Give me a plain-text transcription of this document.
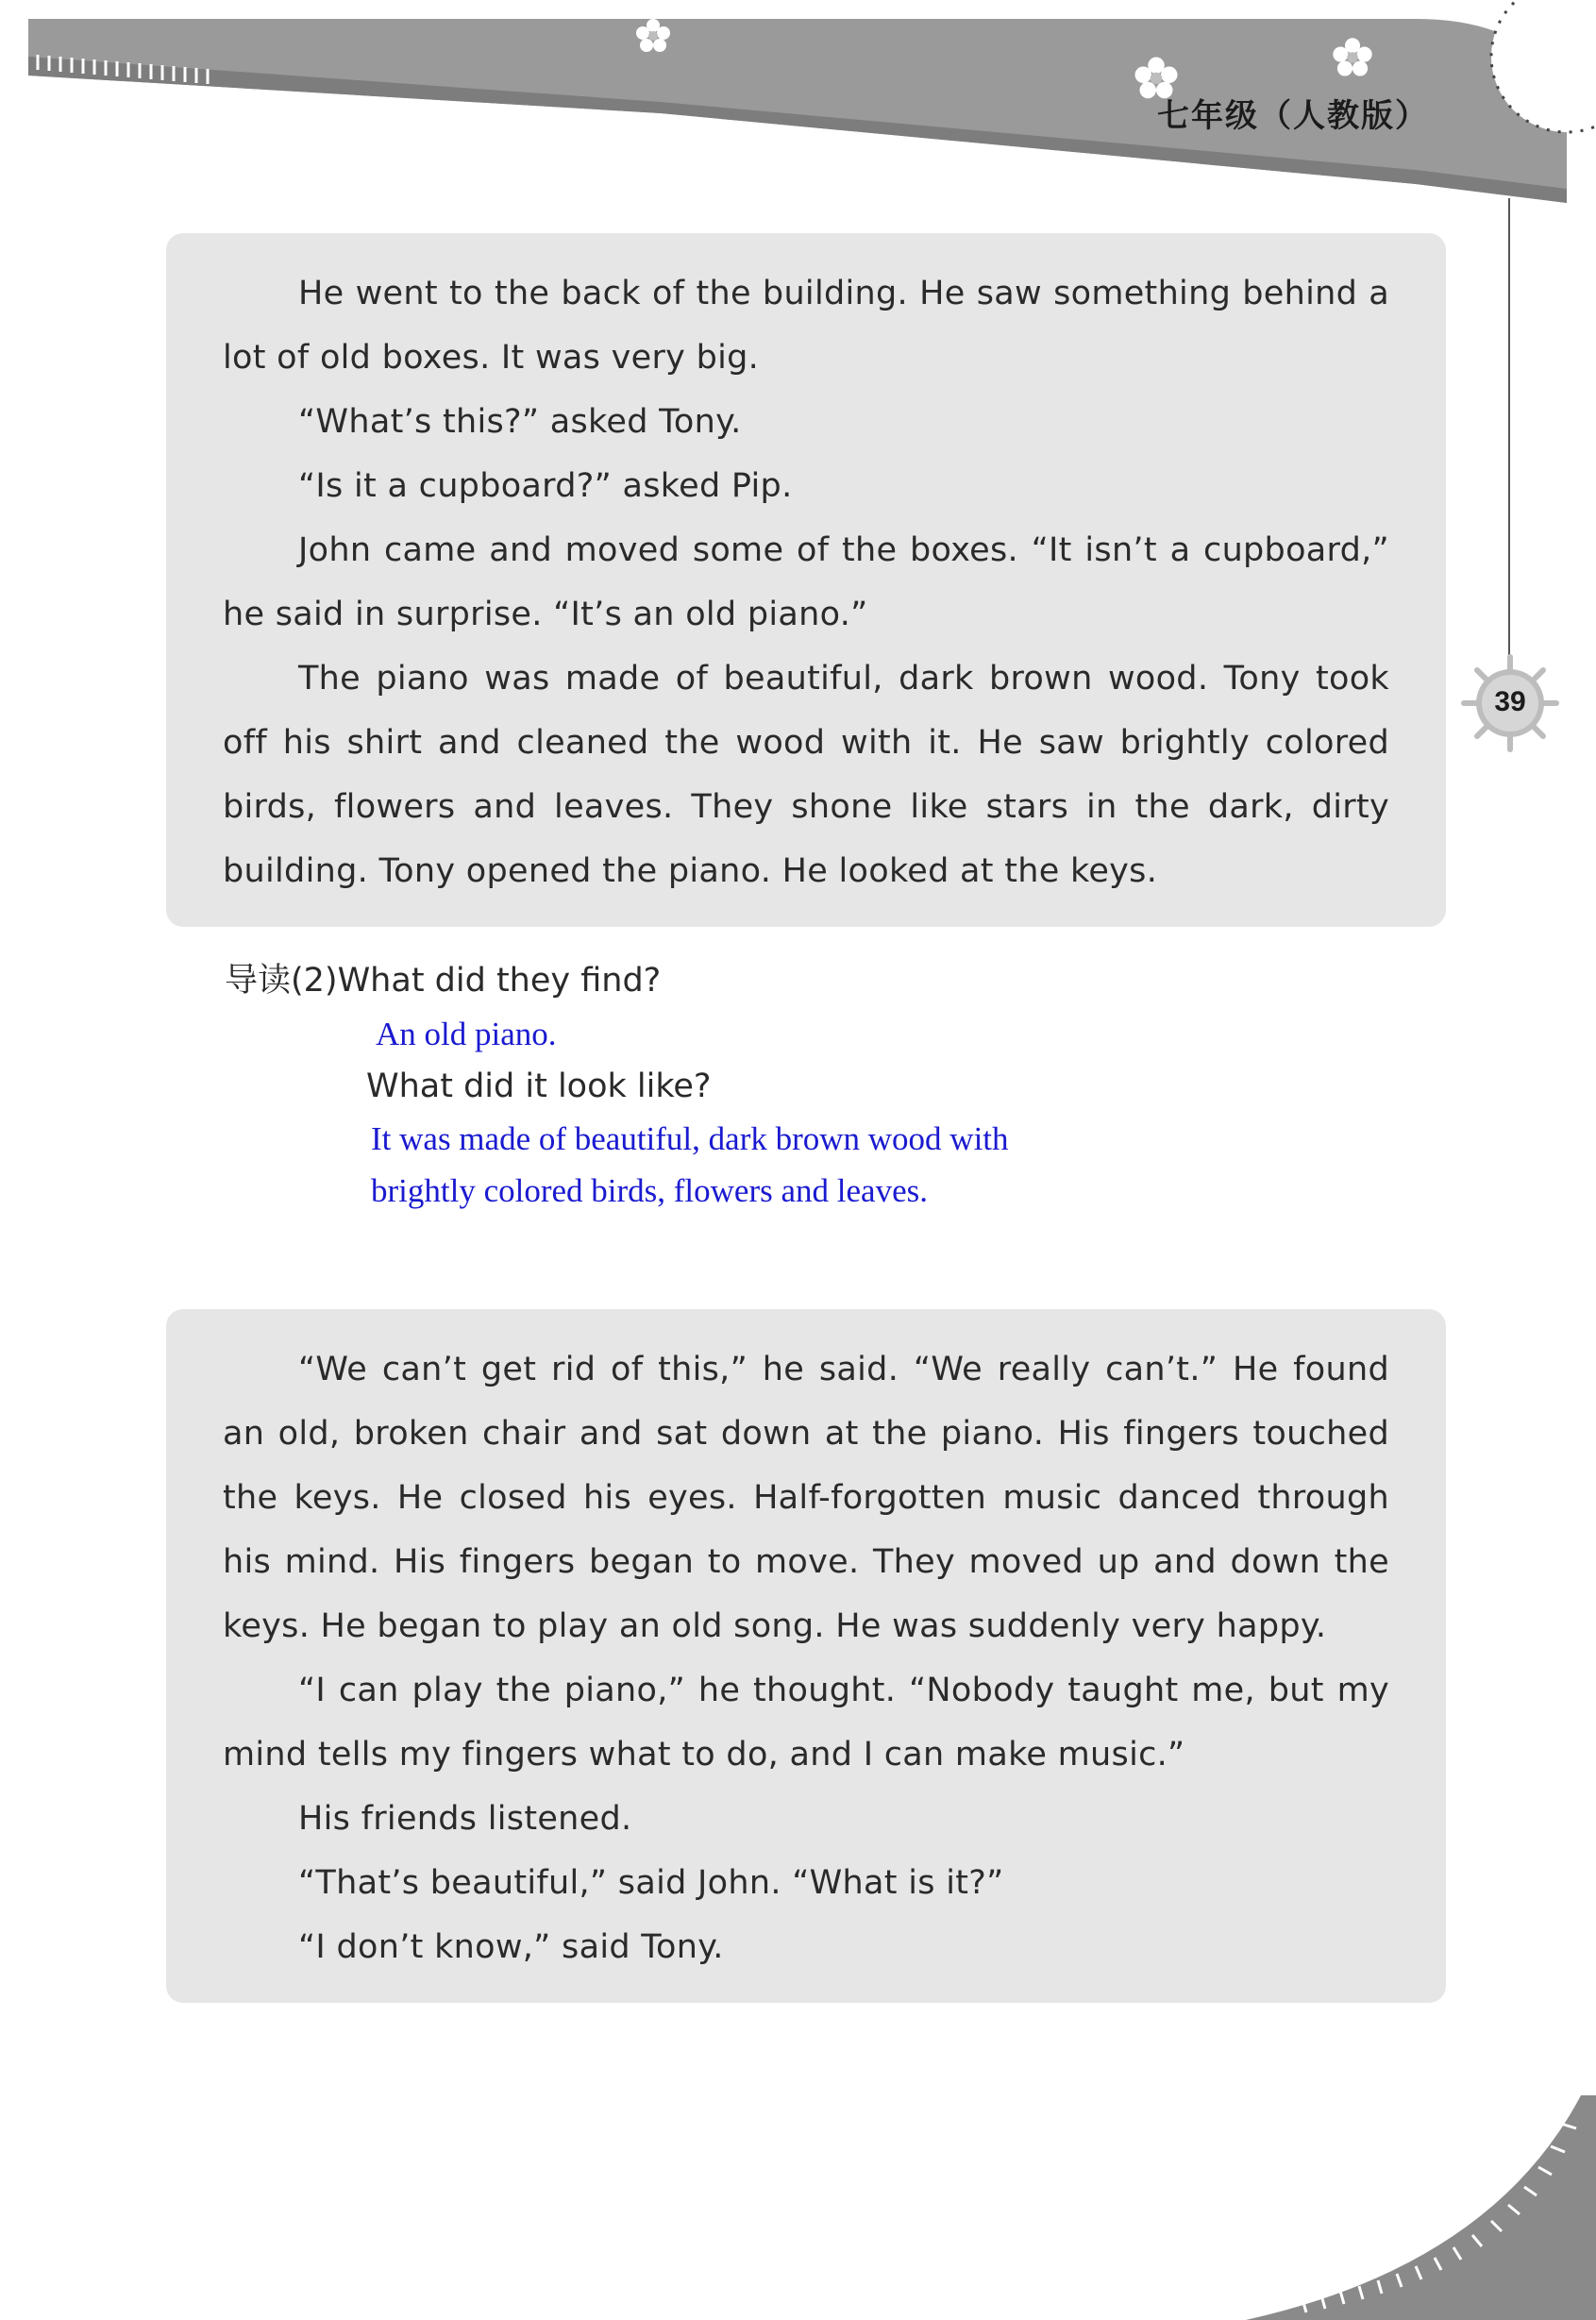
七年级（人教版）
39

He went to the back of the building. He saw something behind a lot of old boxes. It was very big.

“What’s this?” asked Tony.

“Is it a cupboard?” asked Pip.

John came and moved some of the boxes. “It isn’t a cupboard,” he said in surprise. “It’s an old piano.”

The piano was made of beautiful, dark brown wood. Tony took off his shirt and cleaned the wood with it. He saw brightly colored birds, flowers and leaves. They shone like stars in the dark, dirty building. Tony opened the piano. He looked at the keys.

导读(2)What did they find?
An old piano.
What did it look like?
It was made of beautiful, dark brown wood with
brightly colored birds, flowers and leaves.

“We can’t get rid of this,” he said. “We really can’t.” He found an old, broken chair and sat down at the piano. His fingers touched the keys. He closed his eyes. Half-forgotten music danced through his mind. His fingers began to move. They moved up and down the keys. He began to play an old song. He was suddenly very happy.

“I can play the piano,” he thought. “Nobody taught me, but my mind tells my fingers what to do, and I can make music.”

His friends listened.

“That’s beautiful,” said John. “What is it?”

“I don’t know,” said Tony.
